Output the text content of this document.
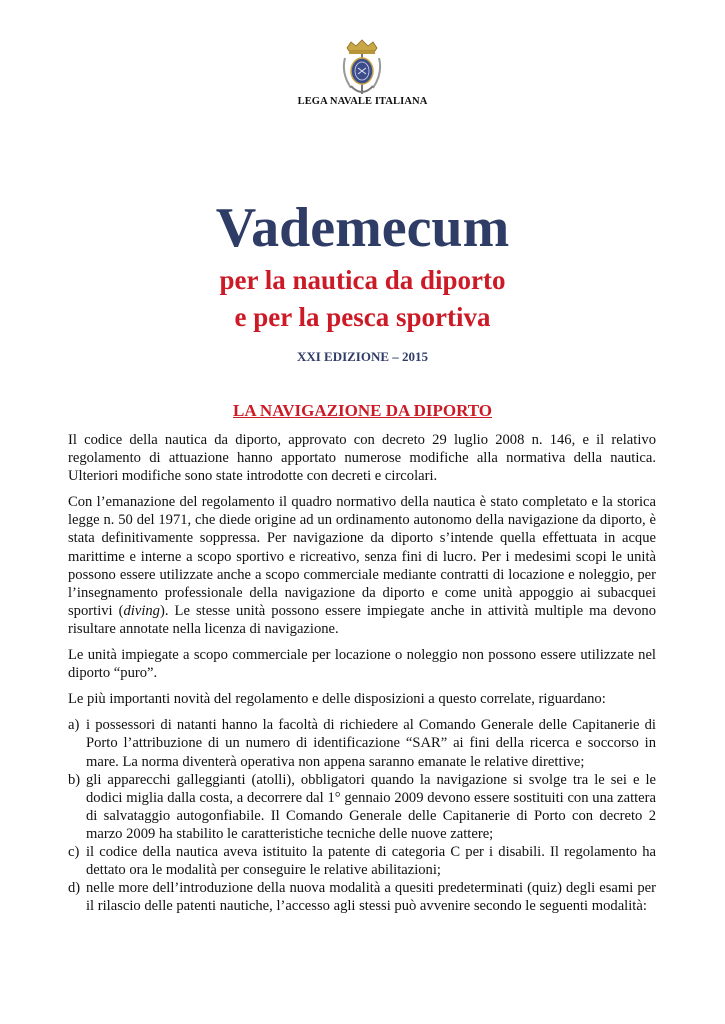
LEGA NAVALE ITALIANA
Vademecum
per la nautica da diporto
e per la pesca sportiva
XXI EDIZIONE – 2015
LA NAVIGAZIONE DA DIPORTO

Il codice della nautica da diporto, approvato con decreto 29 luglio 2008 n. 146, e il relativo regolamento di attuazione hanno apportato numerose modifiche alla normativa della nautica. Ulteriori modifiche sono state introdotte con decreti e circolari.

Con l’emanazione del regolamento il quadro normativo della nautica è stato completato e la storica legge n. 50 del 1971, che diede origine ad un ordinamento autonomo della navigazione da diporto, è stata definitivamente soppressa. Per navigazione da diporto s’intende quella effettuata in acque marittime e interne a scopo sportivo e ricreativo, senza fini di lucro. Per i medesimi scopi le unità possono essere utilizzate anche a scopo commerciale mediante contratti di locazione e noleggio, per l’insegnamento professionale della navigazione da diporto e come unità appoggio ai subacquei sportivi (diving). Le stesse unità possono essere impiegate anche in attività multiple ma devono risultare annotate nella licenza di navigazione.

Le unità impiegate a scopo commerciale per locazione o noleggio non possono essere utilizzate nel diporto “puro”.

Le più importanti novità del regolamento e delle disposizioni a questo correlate, riguardano:

a) i possessori di natanti hanno la facoltà di richiedere al Comando Generale delle Capitanerie di Porto l’attribuzione di un numero di identificazione “SAR” ai fini della ricerca e soccorso in mare. La norma diventerà operativa non appena saranno emanate le relative direttive;
b) gli apparecchi galleggianti (atolli), obbligatori quando la navigazione si svolge tra le sei e le dodici miglia dalla costa, a decorrere dal 1° gennaio 2009 devono essere sostituiti con una zattera di salvataggio autogonfiabile. Il Comando Generale delle Capitanerie di Porto con decreto 2 marzo 2009 ha stabilito le caratteristiche tecniche delle nuove zattere;
c) il codice della nautica aveva istituito la patente di categoria C per i disabili. Il regolamento ha dettato ora le modalità per conseguire le relative abilitazioni;
d) nelle more dell’introduzione della nuova modalità a quesiti predeterminati (quiz) degli esami per il rilascio delle patenti nautiche, l’accesso agli stessi può avvenire secondo le seguenti modalità:
